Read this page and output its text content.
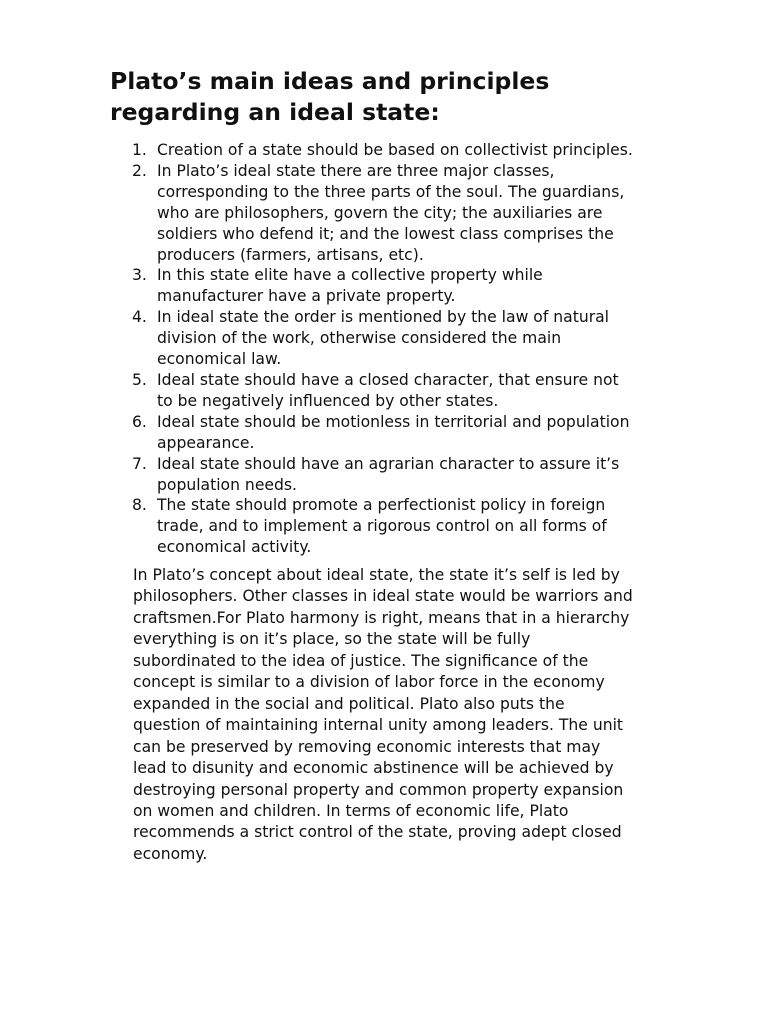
Plato’s main ideas and principles
regarding an ideal state:
1. Creation of a state should be based on collectivist principles.
2. In Plato’s ideal state there are three major classes,
corresponding to the three parts of the soul. The guardians,
who are philosophers, govern the city; the auxiliaries are
soldiers who defend it; and the lowest class comprises the
producers (farmers, artisans, etc).
3. In this state elite have a collective property while
manufacturer have a private property.
4. In ideal state the order is mentioned by the law of natural
division of the work, otherwise considered the main
economical law.
5. Ideal state should have a closed character, that ensure not
to be negatively influenced by other states.
6. Ideal state should be motionless in territorial and population
appearance.
7. Ideal state should have an agrarian character to assure it’s
population needs.
8. The state should promote a perfectionist policy in foreign
trade, and to implement a rigorous control on all forms of
economical activity.

In Plato’s concept about ideal state, the state it’s self is led by
philosophers. Other classes in ideal state would be warriors and
craftsmen.For Plato harmony is right, means that in a hierarchy
everything is on it’s place, so the state will be fully
subordinated to the idea of justice. The significance of the
concept is similar to a division of labor force in the economy
expanded in the social and political. Plato also puts the
question of maintaining internal unity among leaders. The unit
can be preserved by removing economic interests that may
lead to disunity and economic abstinence will be achieved by
destroying personal property and common property expansion
on women and children. In terms of economic life, Plato
recommends a strict control of the state, proving adept closed
economy.
